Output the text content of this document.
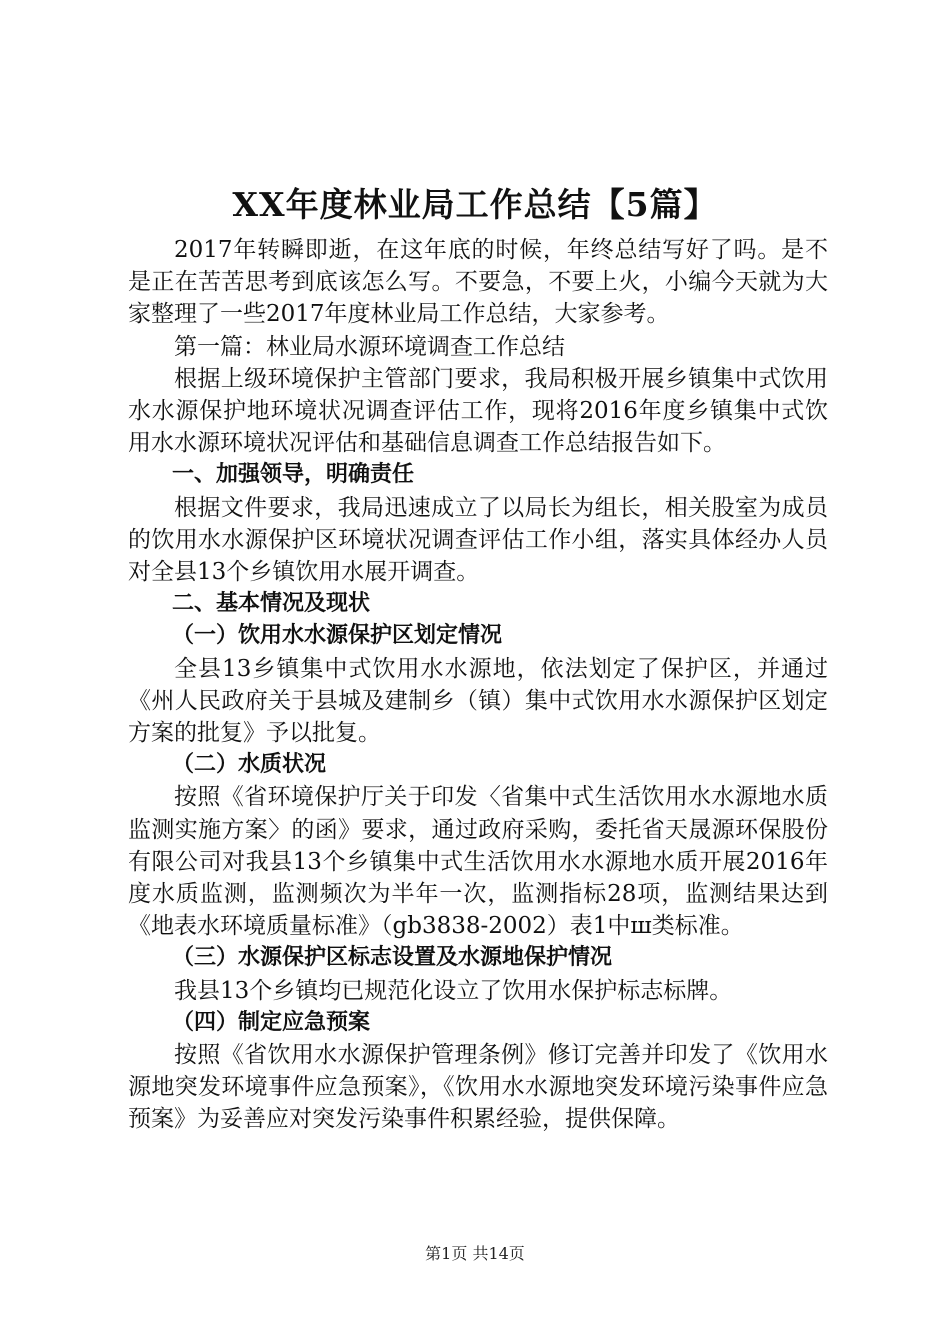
XX年度林业局工作总结【5篇】

2017年转瞬即逝，在这年底的时候，年终总结写好了吗。是不是正在苦苦思考到底该怎么写。不要急，不要上火，小编今天就为大家整理了一些2017年度林业局工作总结，大家参考。

第一篇：林业局水源环境调查工作总结

根据上级环境保护主管部门要求，我局积极开展乡镇集中式饮用水水源保护地环境状况调查评估工作，现将2016年度乡镇集中式饮用水水源环境状况评估和基础信息调查工作总结报告如下。

一、加强领导，明确责任

根据文件要求，我局迅速成立了以局长为组长，相关股室为成员的饮用水水源保护区环境状况调查评估工作小组，落实具体经办人员对全县13个乡镇饮用水展开调查。

二、基本情况及现状

（一）饮用水水源保护区划定情况

全县13乡镇集中式饮用水水源地，依法划定了保护区，并通过《州人民政府关于县城及建制乡（镇）集中式饮用水水源保护区划定方案的批复》予以批复。

（二）水质状况

按照《省环境保护厅关于印发〈省集中式生活饮用水水源地水质监测实施方案〉的函》要求，通过政府采购，委托省天晟源环保股份有限公司对我县13个乡镇集中式生活饮用水水源地水质开展2016年度水质监测，监测频次为半年一次，监测指标28项，监测结果达到《地表水环境质量标准》（gb3838-2002）表1中ш类标准。

（三）水源保护区标志设置及水源地保护情况

我县13个乡镇均已规范化设立了饮用水保护标志标牌。

（四）制定应急预案

按照《省饮用水水源保护管理条例》修订完善并印发了《饮用水源地突发环境事件应急预案》，《饮用水水源地突发环境污染事件应急预案》为妥善应对突发污染事件积累经验，提供保障。

第1页 共14页
